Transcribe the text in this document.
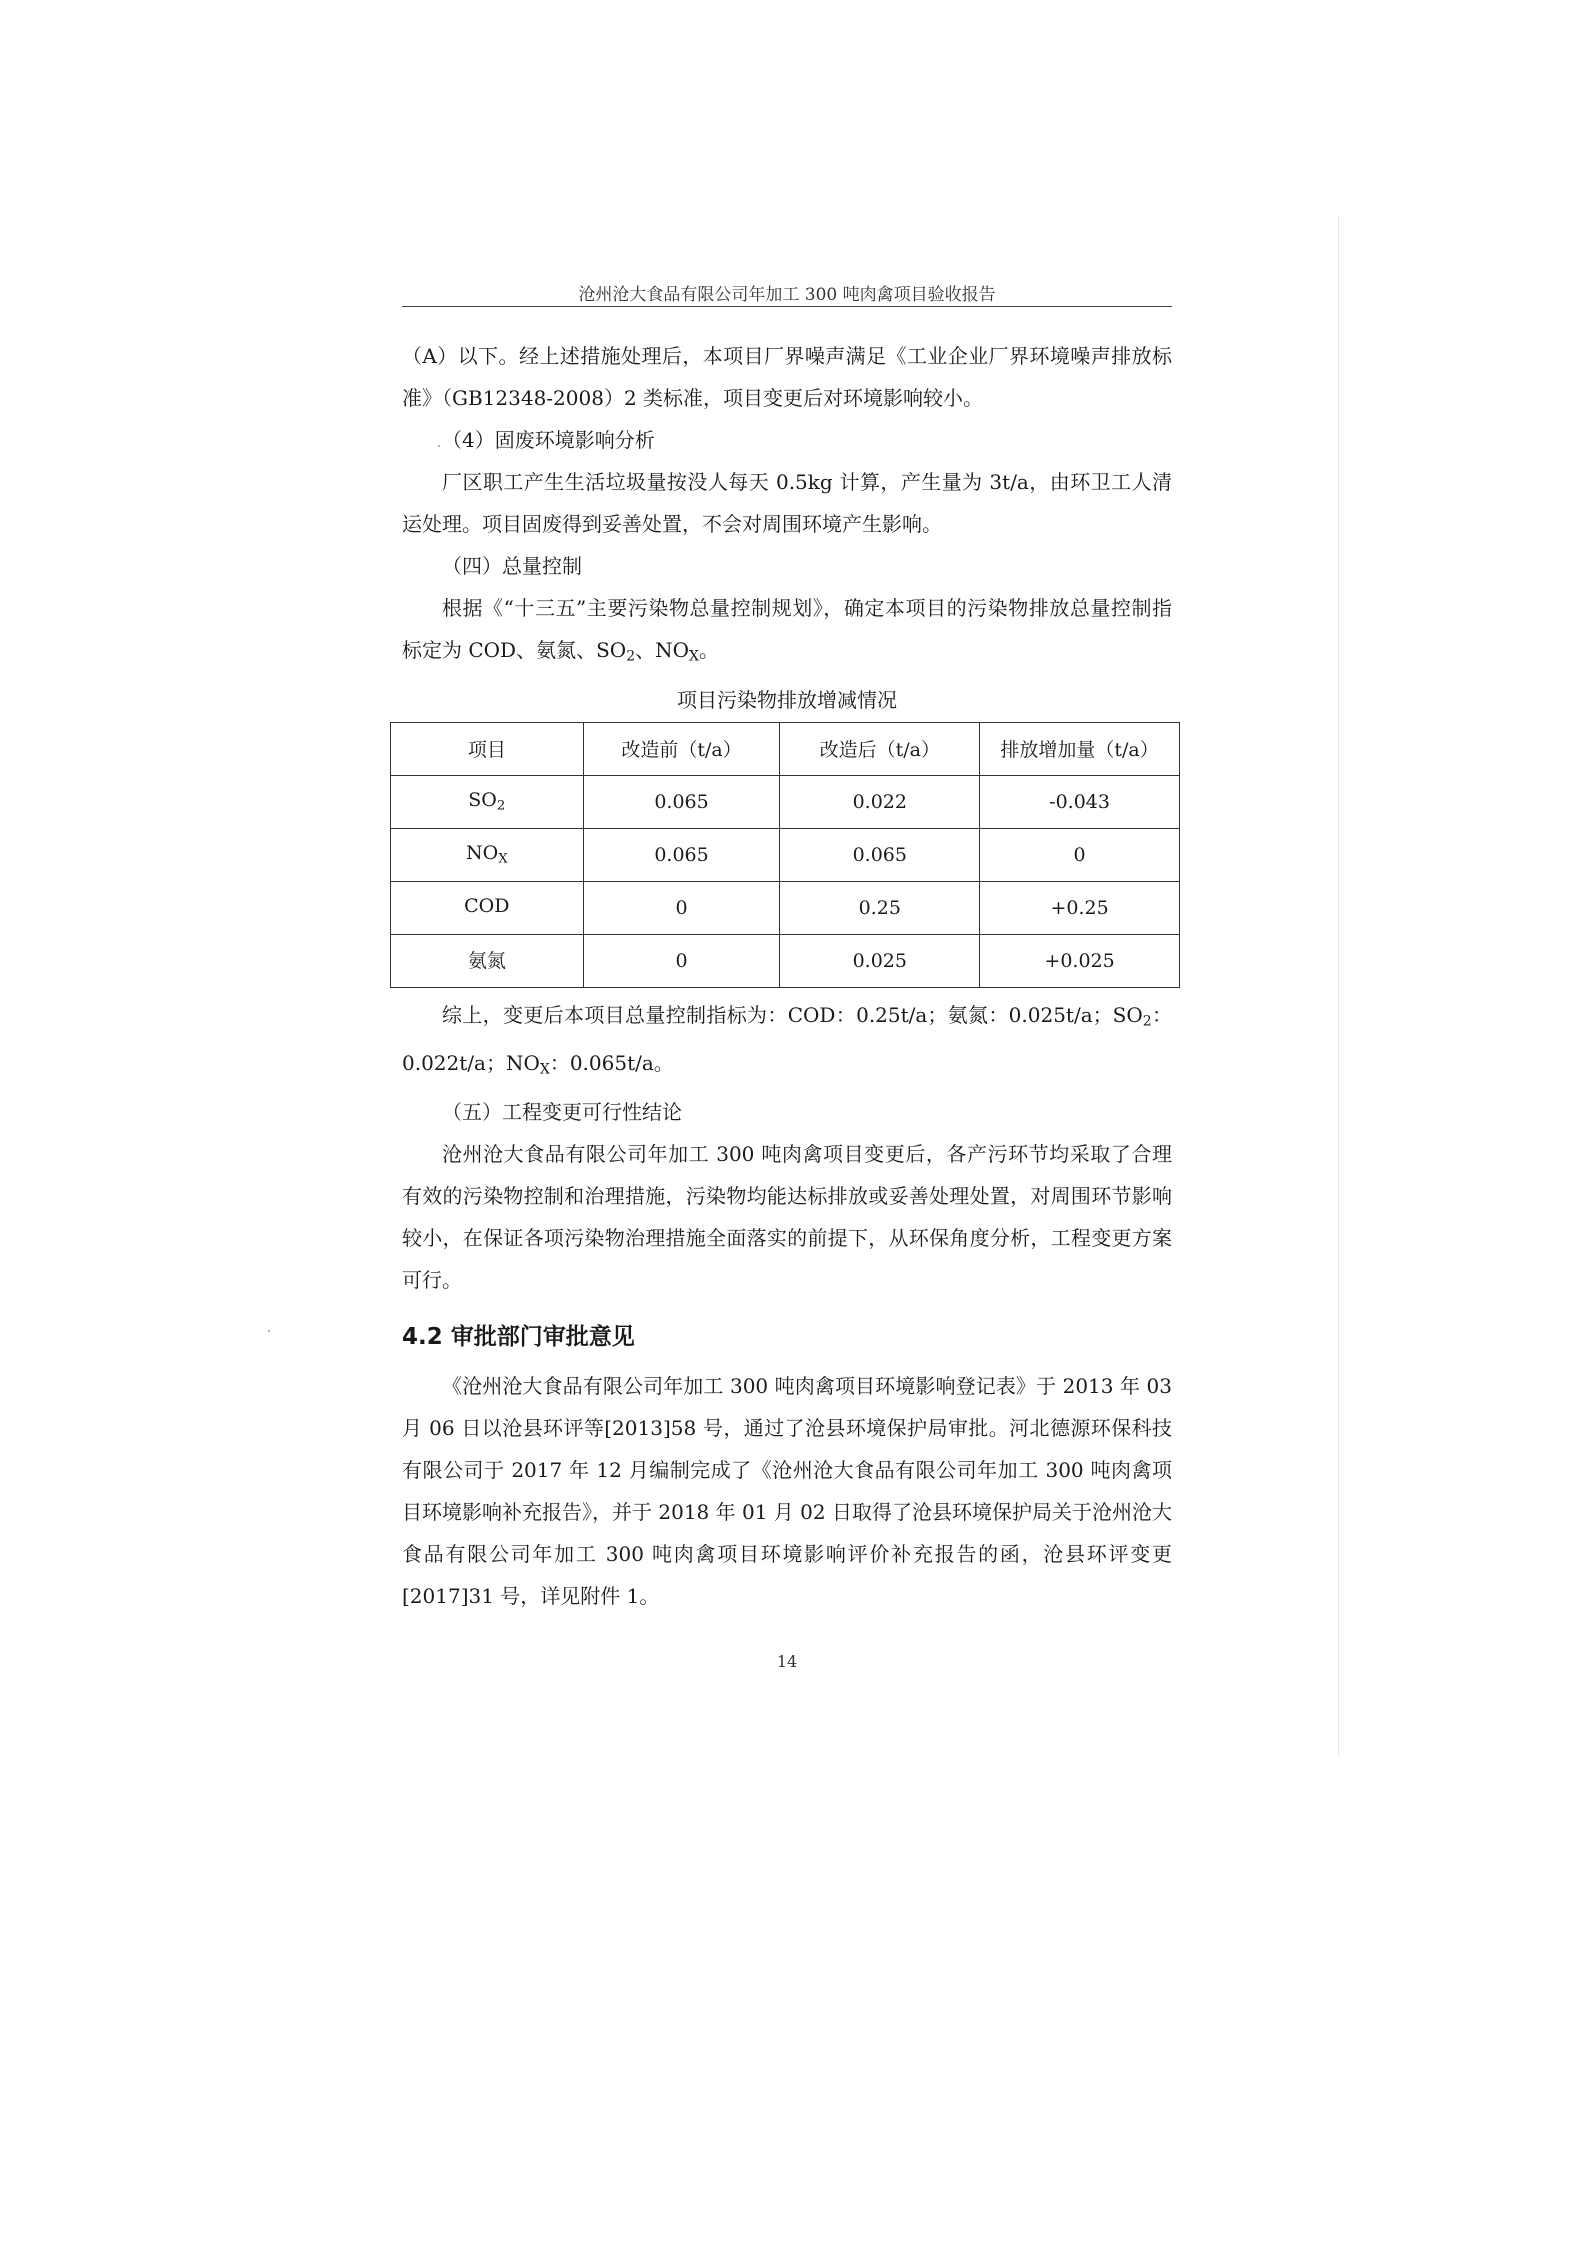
沧州沧大食品有限公司年加工 300 吨肉禽项目验收报告

（A）以下。经上述措施处理后，本项目厂界噪声满足《工业企业厂界环境噪声排放标准》（GB12348-2008）2 类标准，项目变更后对环境影响较小。

（4）固废环境影响分析

厂区职工产生生活垃圾量按没人每天 0.5kg 计算，产生量为 3t/a，由环卫工人清运处理。项目固废得到妥善处置，不会对周围环境产生影响。

（四）总量控制

根据《“十三五”主要污染物总量控制规划》，确定本项目的污染物排放总量控制指标定为 COD、氨氮、$SO_2$、$NO_X$。

项目污染物排放增减情况
项目	改造前（t/a）	改造后（t/a）	排放增加量（t/a）
$SO_2$	0.065	0.022	-0.043
$NO_X$	0.065	0.065	0
COD	0	0.25	+0.25
氨氮	0	0.025	+0.025

综上，变更后本项目总量控制指标为：COD：0.25t/a；氨氮：0.025t/a；$SO_2$：0.022t/a；$NO_X$：0.065t/a。

（五）工程变更可行性结论

沧州沧大食品有限公司年加工 300 吨肉禽项目变更后，各产污环节均采取了合理有效的污染物控制和治理措施，污染物均能达标排放或妥善处理处置，对周围环节影响较小，在保证各项污染物治理措施全面落实的前提下，从环保角度分析，工程变更方案可行。

4.2 审批部门审批意见

《沧州沧大食品有限公司年加工 300 吨肉禽项目环境影响登记表》于 2013 年 03 月 06 日以沧县环评等[2013]58 号，通过了沧县环境保护局审批。河北德源环保科技有限公司于 2017 年 12 月编制完成了《沧州沧大食品有限公司年加工 300 吨肉禽项目环境影响补充报告》，并于 2018 年 01 月 02 日取得了沧县环境保护局关于沧州沧大食品有限公司年加工 300 吨肉禽项目环境影响评价补充报告的函，沧县环评变更[2017]31 号，详见附件 1。

14
